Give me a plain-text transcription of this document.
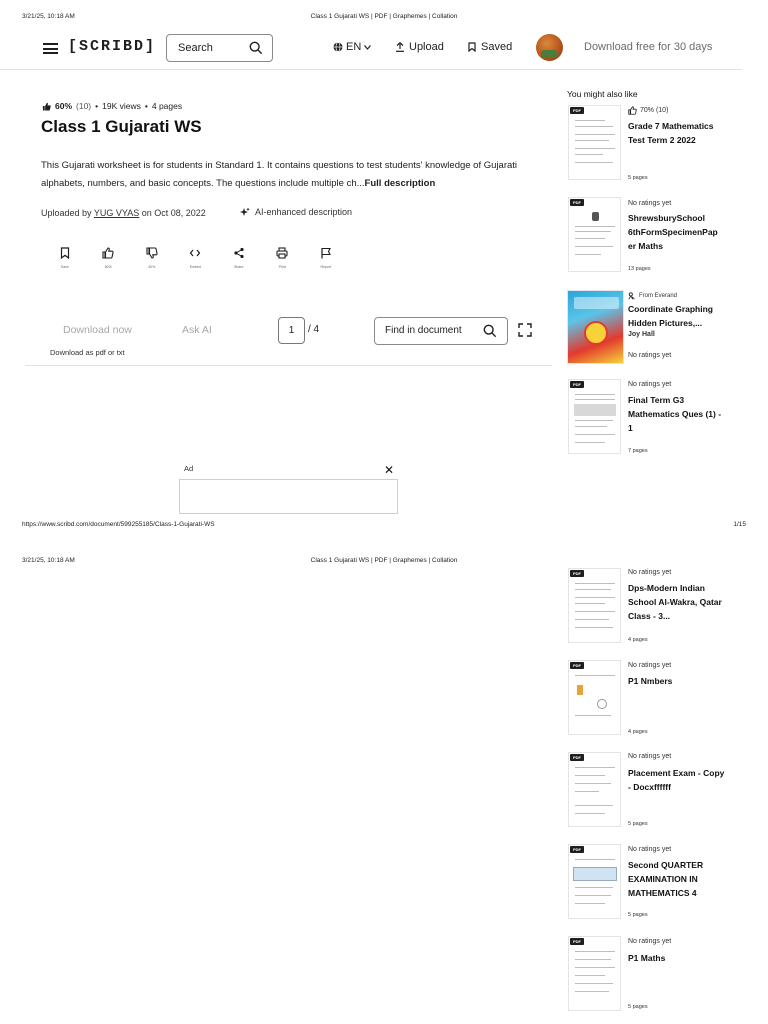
3/21/25, 10:18 AM	Class 1 Gujarati WS | PDF | Graphemes | Collation
[SCRIBD] Search	EN	Upload	Saved	Download free for 30 days
60% (10) • 19K views • 4 pages
Class 1 Gujarati WS
This Gujarati worksheet is for students in Standard 1. It contains questions to test students' knowledge of Gujarati alphabets, numbers, and basic concepts. The questions include multiple ch...Full description
Uploaded by YUG VYAS on Oct 08, 2022	AI-enhanced description
Save	60%	40%	Embed	Share	Print	Report
Download now	Ask AI
Download as pdf or txt
1	/ 4	Find in document
Ad	✕
https://www.scribd.com/document/599255185/Class-1-Gujarati-WS	1/15
3/21/25, 10:18 AM	Class 1 Gujarati WS | PDF | Graphemes | Collation
You might also like
PDF	70% (10)
Grade 7 Mathematics Test Term 2 2022
5 pages
PDF	No ratings yet
ShrewsburySchool 6thFormSpecimenPap er Maths
13 pages
From Everand
Coordinate Graphing Hidden Pictures,...
Joy Hall
No ratings yet
PDF	No ratings yet
Final Term G3 Mathematics Ques (1) - 1
7 pages
PDF	No ratings yet
Dps-Modern Indian School Al-Wakra, Qatar Class - 3...
4 pages
PDF	No ratings yet
P1 Nmbers
4 pages
PDF	No ratings yet
Placement Exam - Copy - Docxffffff
5 pages
PDF	No ratings yet
Second QUARTER EXAMINATION IN MATHEMATICS 4
5 pages
PDF	No ratings yet
P1 Maths
5 pages
